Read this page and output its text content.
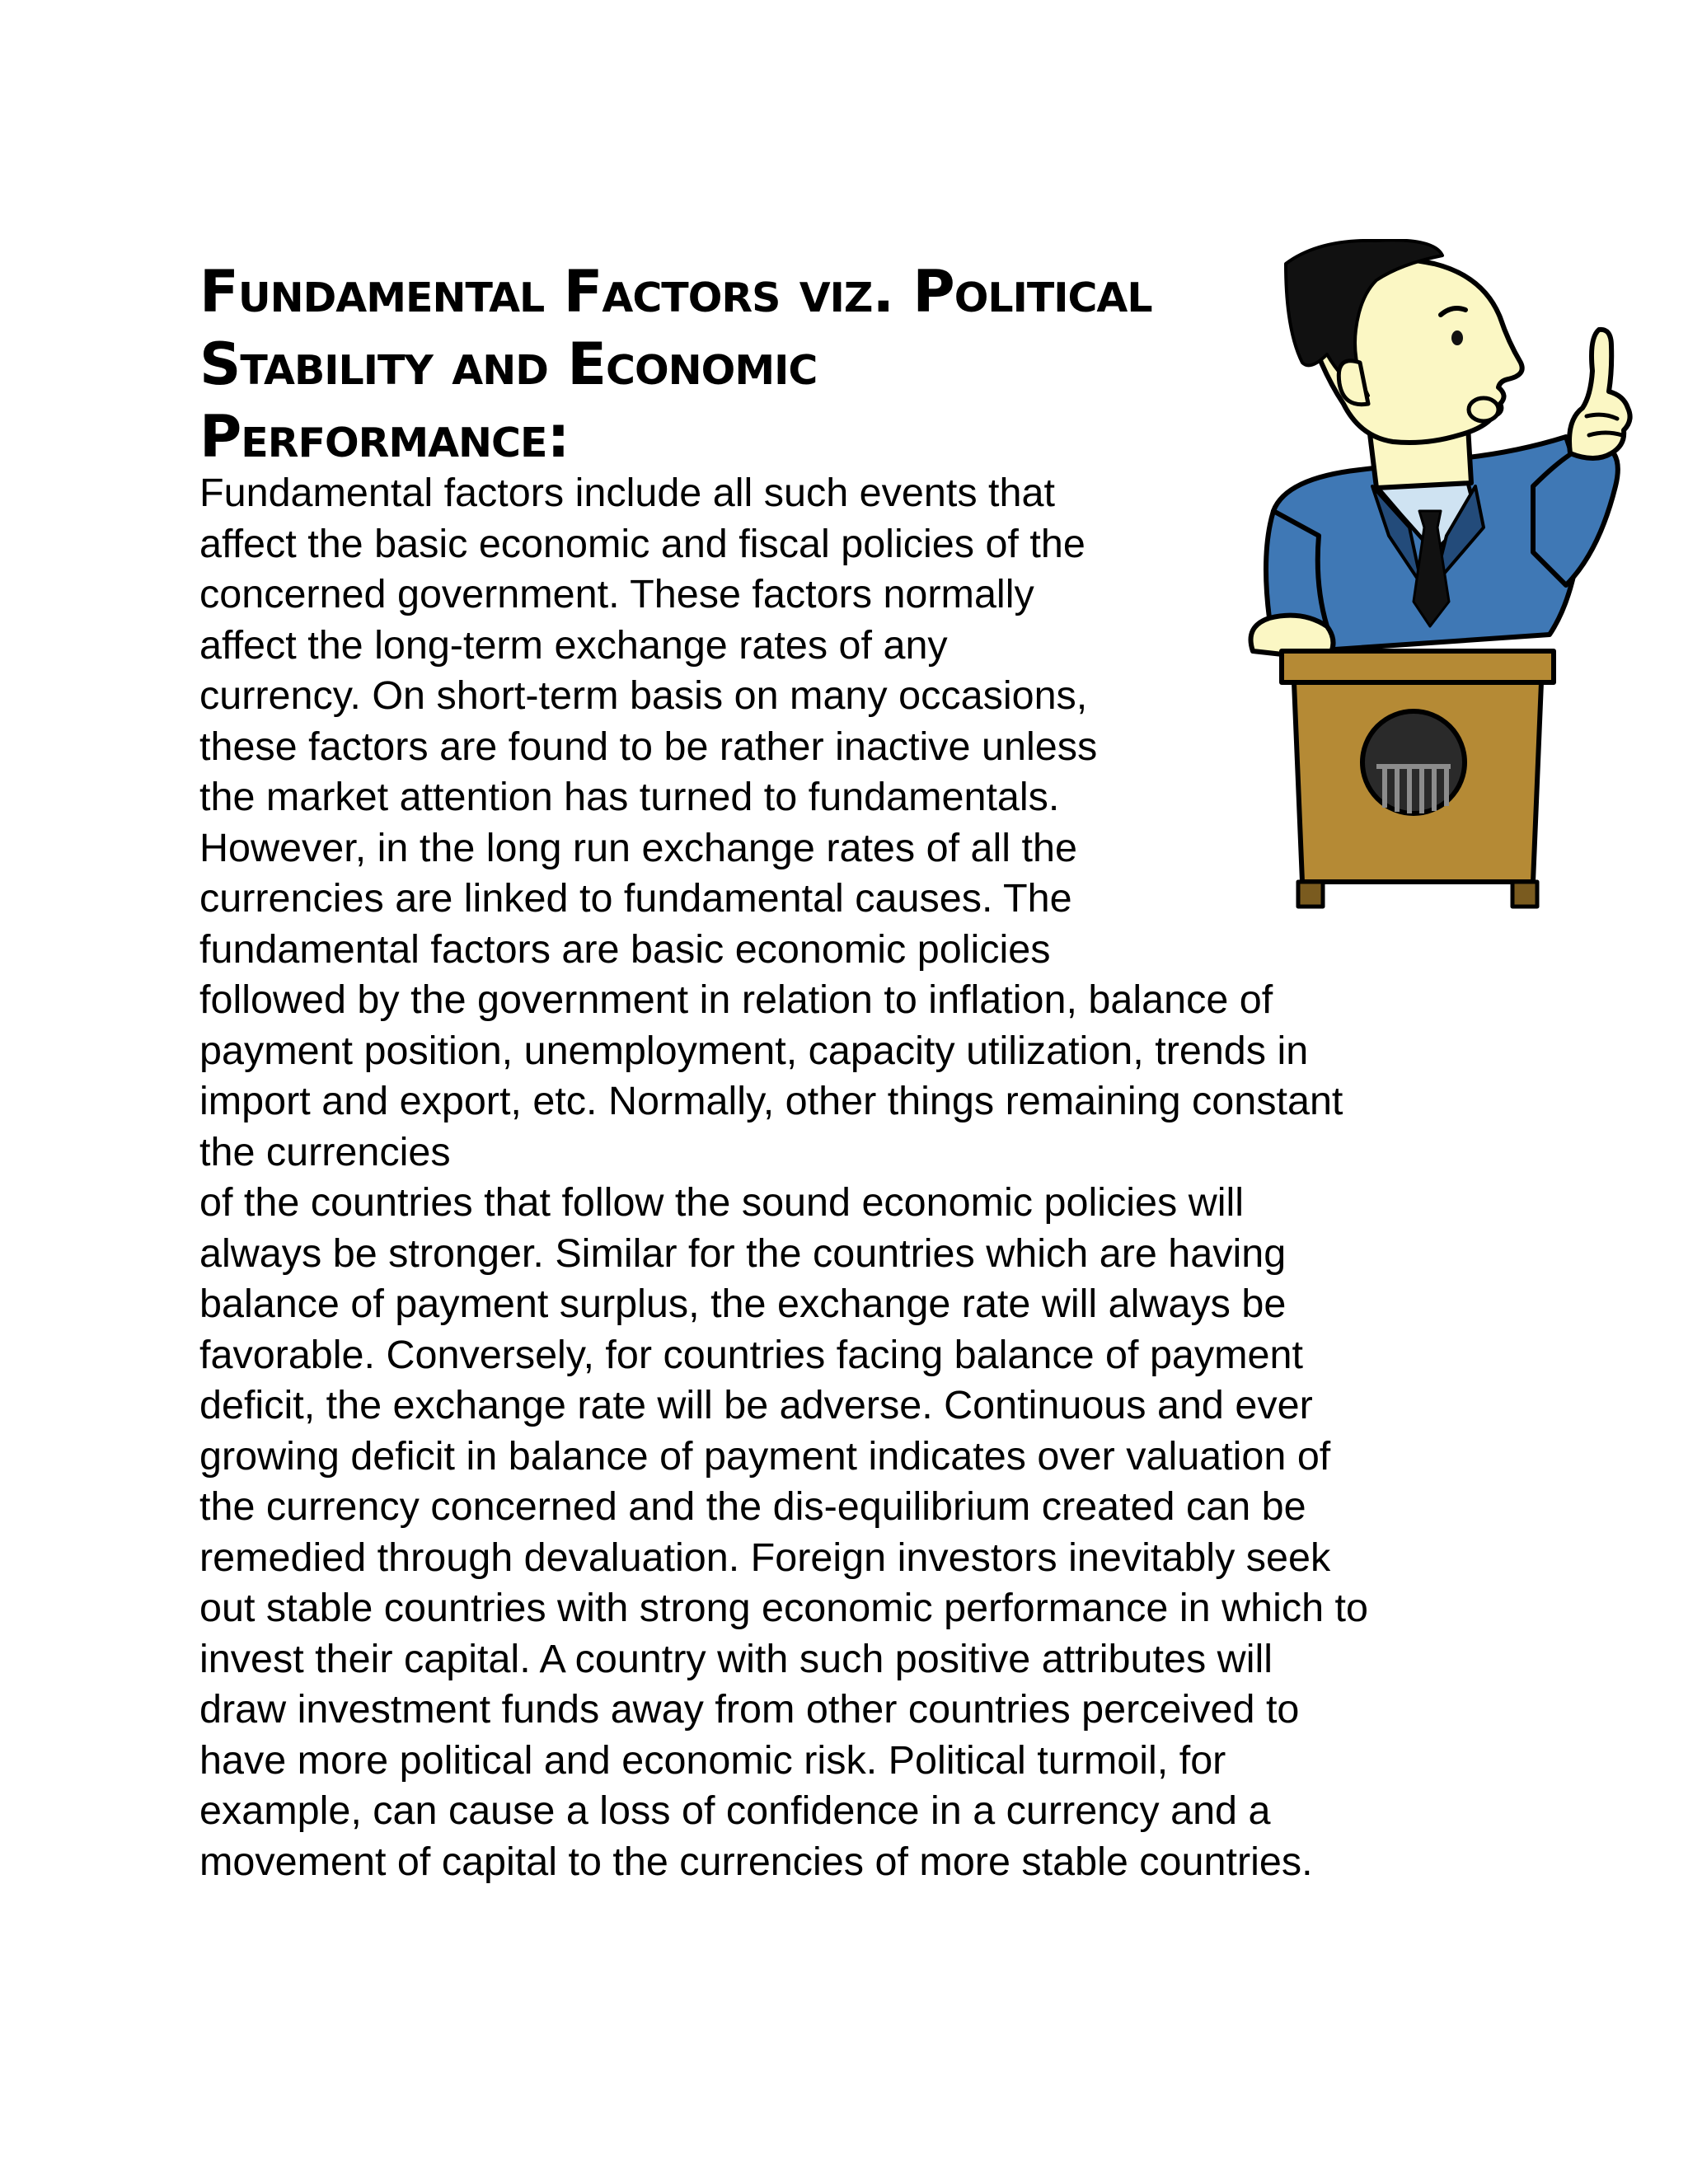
Fundamental Factors viz. Political
Stability and Economic
Performance:
Fundamental factors include all such events that
affect the basic economic and fiscal policies of the
concerned government. These factors normally
affect the long-term exchange rates of any
currency. On short-term basis on many occasions,
these factors are found to be rather inactive unless
the market attention has turned to fundamentals.
However, in the long run exchange rates of all the
currencies are linked to fundamental causes. The
fundamental factors are basic economic policies
followed by the government in relation to inflation, balance of
payment position, unemployment, capacity utilization, trends in
import and export, etc. Normally, other things remaining constant
the currencies
of the countries that follow the sound economic policies will
always be stronger. Similar for the countries which are having
balance of payment surplus, the exchange rate will always be
favorable. Conversely, for countries facing balance of payment
deficit, the exchange rate will be adverse. Continuous and ever
growing deficit in balance of payment indicates over valuation of
the currency concerned and the dis-equilibrium created can be
remedied through devaluation. Foreign investors inevitably seek
out stable countries with strong economic performance in which to
invest their capital. A country with such positive attributes will
draw investment funds away from other countries perceived to
have more political and economic risk. Political turmoil, for
example, can cause a loss of confidence in a currency and a
movement of capital to the currencies of more stable countries.
